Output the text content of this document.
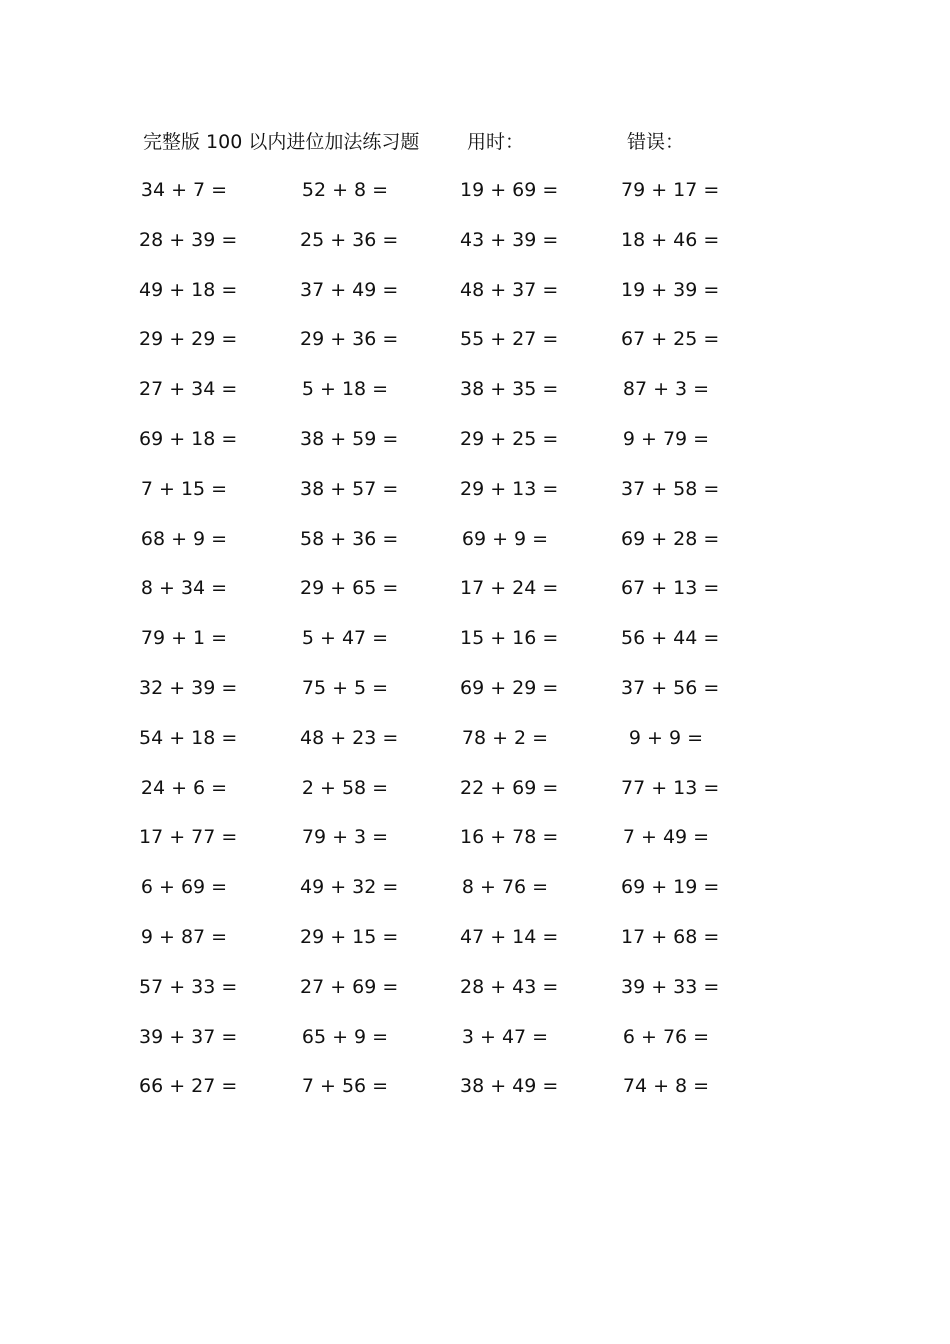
完整版 100 以内进位加法练习题	用时：	错误：
34 + 7 =	52 + 8 =	19 + 69 =	79 + 17 =
28 + 39 =	25 + 36 =	43 + 39 =	18 + 46 =
49 + 18 =	37 + 49 =	48 + 37 =	19 + 39 =
29 + 29 =	29 + 36 =	55 + 27 =	67 + 25 =
27 + 34 =	5 + 18 =	38 + 35 =	87 + 3 =
69 + 18 =	38 + 59 =	29 + 25 =	9 + 79 =
7 + 15 =	38 + 57 =	29 + 13 =	37 + 58 =
68 + 9 =	58 + 36 =	69 + 9 =	69 + 28 =
8 + 34 =	29 + 65 =	17 + 24 =	67 + 13 =
79 + 1 =	5 + 47 =	15 + 16 =	56 + 44 =
32 + 39 =	75 + 5 =	69 + 29 =	37 + 56 =
54 + 18 =	48 + 23 =	78 + 2 =	9 + 9 =
24 + 6 =	2 + 58 =	22 + 69 =	77 + 13 =
17 + 77 =	79 + 3 =	16 + 78 =	7 + 49 =
6 + 69 =	49 + 32 =	8 + 76 =	69 + 19 =
9 + 87 =	29 + 15 =	47 + 14 =	17 + 68 =
57 + 33 =	27 + 69 =	28 + 43 =	39 + 33 =
39 + 37 =	65 + 9 =	3 + 47 =	6 + 76 =
66 + 27 =	7 + 56 =	38 + 49 =	74 + 8 =
